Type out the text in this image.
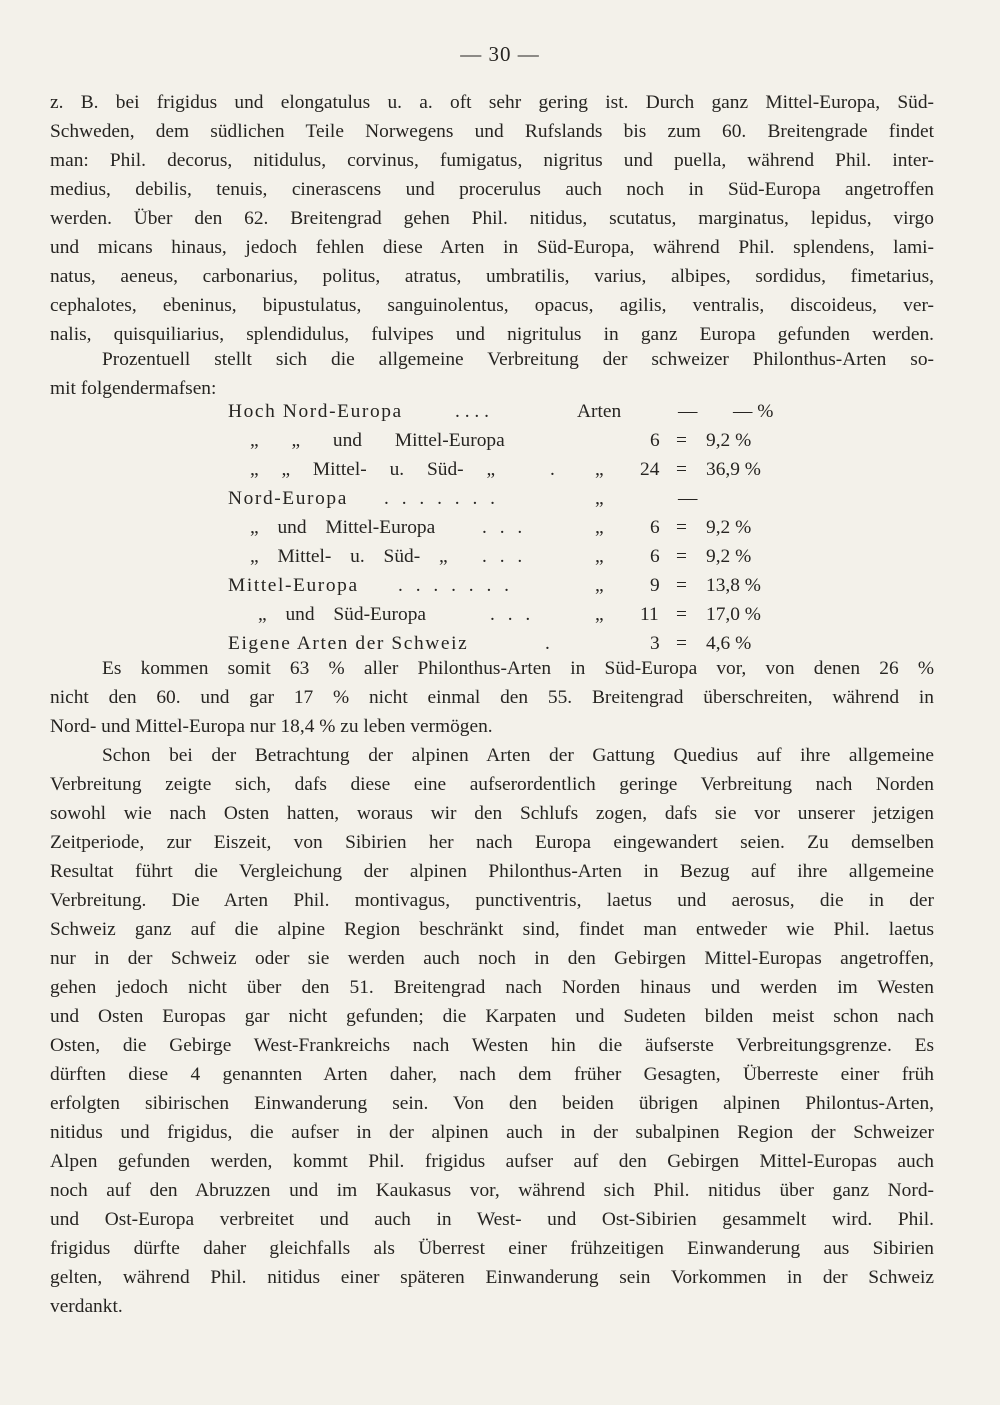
— 30 —
z. B. bei frigidus und elongatulus u. a. oft sehr gering ist. Durch ganz Mittel-Europa, Süd-
Schweden, dem südlichen Teile Norwegens und Rufslands bis zum 60. Breitengrade findet
man: Phil. decorus, nitidulus, corvinus, fumigatus, nigritus und puella, während Phil. inter-
medius, debilis, tenuis, cinerascens und procerulus auch noch in Süd-Europa angetroffen
werden. Über den 62. Breitengrad gehen Phil. nitidus, scutatus, marginatus, lepidus, virgo
und micans hinaus, jedoch fehlen diese Arten in Süd-Europa, während Phil. splendens, lami-
natus, aeneus, carbonarius, politus, atratus, umbratilis, varius, albipes, sordidus, fimetarius,
cephalotes, ebeninus, bipustulatus, sanguinolentus, opacus, agilis, ventralis, discoideus, ver-
nalis, quisquiliarius, splendidulus, fulvipes und nigritulus in ganz Europa gefunden werden.
Prozentuell stellt sich die allgemeine Verbreitung der schweizer Philonthus-Arten so-
mit folgendermafsen:
Hoch Nord-Europa	. . . .	Arten	— — %
„ „ und Mittel-Europa	6 = 9,2 %
„ „ Mittel- u. Süd- „	. „ 24 = 36,9 %
Nord-Europa . . . . . . .	„	—
„ und Mittel-Europa . . .	„ 6 = 9,2 %
„ Mittel- u. Süd- „ . . .	„ 6 = 9,2 %
Mittel-Europa . . . . . . .	„ 9 = 13,8 %
„ und Süd-Europa	. . .	„ 11 = 17,0 %
Eigene Arten der Schweiz	.	3 = 4,6 %
Es kommen somit 63 % aller Philonthus-Arten in Süd-Europa vor, von denen 26 %
nicht den 60. und gar 17 % nicht einmal den 55. Breitengrad überschreiten, während in
Nord- und Mittel-Europa nur 18,4 % zu leben vermögen.
Schon bei der Betrachtung der alpinen Arten der Gattung Quedius auf ihre allgemeine
Verbreitung zeigte sich, dafs diese eine aufserordentlich geringe Verbreitung nach Norden
sowohl wie nach Osten hatten, woraus wir den Schlufs zogen, dafs sie vor unserer jetzigen
Zeitperiode, zur Eiszeit, von Sibirien her nach Europa eingewandert seien. Zu demselben
Resultat führt die Vergleichung der alpinen Philonthus-Arten in Bezug auf ihre allgemeine
Verbreitung. Die Arten Phil. montivagus, punctiventris, laetus und aerosus, die in der
Schweiz ganz auf die alpine Region beschränkt sind, findet man entweder wie Phil. laetus
nur in der Schweiz oder sie werden auch noch in den Gebirgen Mittel-Europas angetroffen,
gehen jedoch nicht über den 51. Breitengrad nach Norden hinaus und werden im Westen
und Osten Europas gar nicht gefunden; die Karpaten und Sudeten bilden meist schon nach
Osten, die Gebirge West-Frankreichs nach Westen hin die äufserste Verbreitungsgrenze. Es
dürften diese 4 genannten Arten daher, nach dem früher Gesagten, Überreste einer früh
erfolgten sibirischen Einwanderung sein. Von den beiden übrigen alpinen Philontus-Arten,
nitidus und frigidus, die aufser in der alpinen auch in der subalpinen Region der Schweizer
Alpen gefunden werden, kommt Phil. frigidus aufser auf den Gebirgen Mittel-Europas auch
noch auf den Abruzzen und im Kaukasus vor, während sich Phil. nitidus über ganz Nord-
und Ost-Europa verbreitet und auch in West- und Ost-Sibirien gesammelt wird. Phil.
frigidus dürfte daher gleichfalls als Überrest einer frühzeitigen Einwanderung aus Sibirien
gelten, während Phil. nitidus einer späteren Einwanderung sein Vorkommen in der Schweiz
verdankt.
